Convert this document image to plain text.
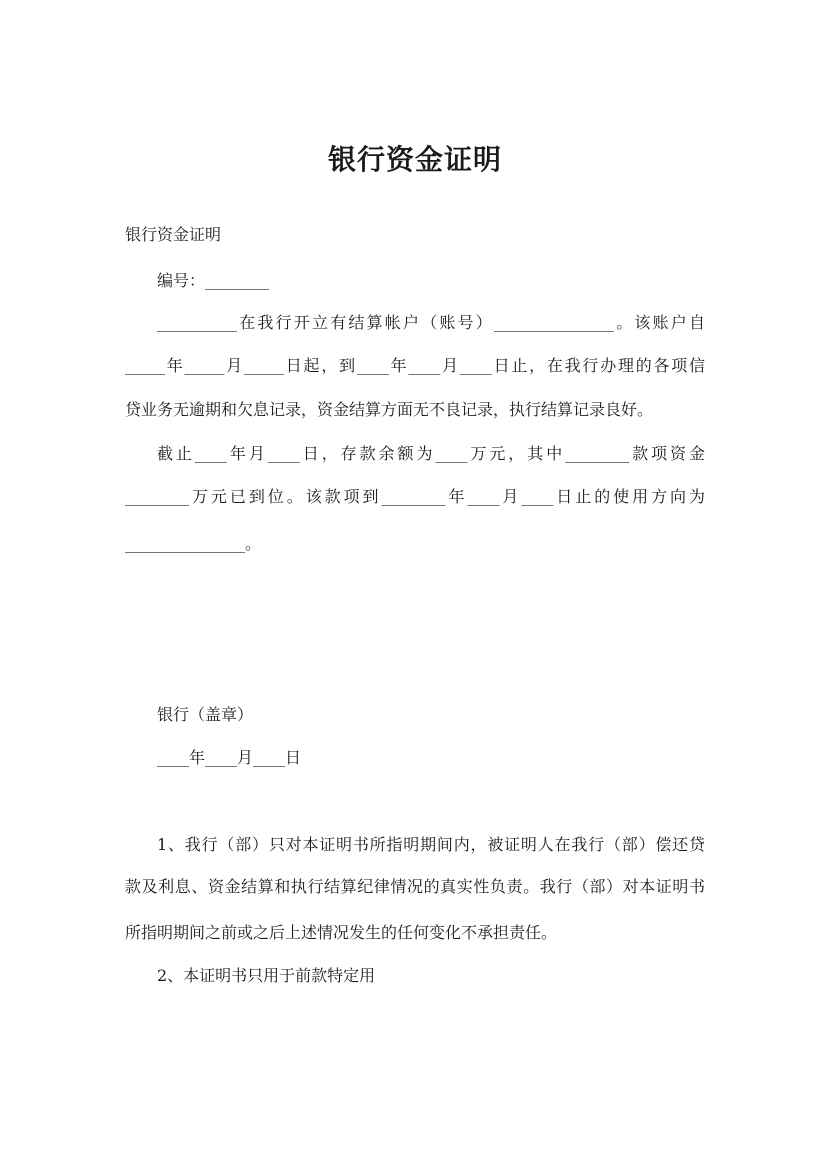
银行资金证明
银行资金证明
编号：________
__________在我行开立有结算帐户（账号）_______________。该账户自
_____年_____月_____日起，到____年____月____日止，在我行办理的各项信
贷业务无逾期和欠息记录，资金结算方面无不良记录，执行结算记录良好。
截止____年月____日，存款余额为____万元，其中________款项资金
________万元已到位。该款项到________年____月____日止的使用方向为
_______________。
银行（盖章）
____年____月____日
1、我行（部）只对本证明书所指明期间内，被证明人在我行（部）偿还贷
款及利息、资金结算和执行结算纪律情况的真实性负责。我行（部）对本证明书
所指明期间之前或之后上述情况发生的任何变化不承担责任。
2、本证明书只用于前款特定用
